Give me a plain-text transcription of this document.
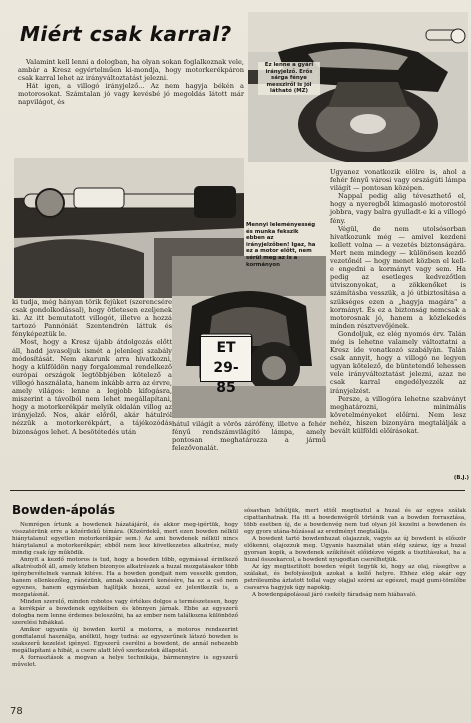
Miért csak karral?
Ez lenne a gyári irányjelző. Erős sárga fénye messziről is jól látható (MZ)

Valamint kell lenni a dologban, ha olyan sokan foglalkoznak vele, ambár a Kresz egyértelműen ki-mondja, hogy motorkerékpáron csak karral lehet az irányváltoztatást jelezni.

Hát igen, a villogó irányjelző... Az nem hagyja békén a motorosokat. Számtalan jó vagy kevésbé jó megoldás látott már napvilágot, és

ki tudja, még hányan törik fejüket (szerencsére csak gondolkodással), hogy ötletesen ezeljenek ki. Az itt bemutatott villogót, illetve a hozzá tartozó Pannóniát Szentendrén láttuk és fényképeztük le.

Most, hogy a Kresz újabb átdolgozás előtt áll, hadd javasoljuk ismét a jelenlegi szabály módosítását. Nem akarunk arra hivatkozni, hogy a külföldön nagy forgalommal rendelkező európai országok legtöbbjében kötelező a villogó használata, hanem inkább arra az érvre, amely világos: lenne a legjobb kifogásra, miszerint a távolból nem lehet megállapítani, hogy a motorkerékpár melyik oldalán villog az irányjelző. Nos, akár előről, akár hátulról nézzük a motorkerékpárt, a tájékozódás bizonságos lehet. A besötétedés után

ET 29-85
Mennyi leleményesség és munka fekszik ebben az irányjelzőben! Igaz, ha ez a motor előtt, nem sérül meg az is a kormányon

hátul világít a vörös zárófény, illetve a fehér fényű rendszámvilágító lámpa, amely pontosan meghatározza a jármű felezővonalát.

Ugyanez vonatkozik elölre is, ahol a fehér fényű városi vagy országúti lámpa világít — pontosan középen.

Nappal pedig alig téveszthető el, hogy a nyeregből kimagasló motorostól jobbra, vagy balra gyulladt-e ki a villogó fény.

Végül, de nem utolsósorban hivatkozunk még — amivel kezdeni kellett volna — a vezetés biztonságára. Mert nem mindegy — különösen kezdő vezetőnél — hogy menet közben el kell-e engedni a kormányt vagy sem. Ha pedig az esetleges kedvezőtlen útviszonyokat, a zökkenőket is számításba vesszük, a jó útbiztosítása a szükséges ezen a „hagyja magára" a kormányt. És ez a biztonság nemcsak a motorosnak jó, hanem a közlekedés minden résztvevőjének.

Gondoljuk, ez elég nyomós érv. Talán még is lehetne valamely változtatni a Kresz ide vonatkozó szabályán. Talán csak annyit, hogy a villogó ne legyen ugyan kötelező, de büntetendő lehessen vele irányváltoztatást jelezni, azaz ne csak karral engedélyezzék az irányjelzést.

Persze, a villogóra lehetne szabványt meghatározni, minimális követelményeket előírni. Nem lesz nehéz, hiszen bizonyára megtalálják a bevált külföldi előírásokat.

(B.J.)
Bowden-ápolás

Nemrégen írtunk a bowdenek házatájáról, és akkor meg-igértük, hogy visszatérünk erre a közérdekű témára. (Közérdekű, mert ezen bowden nélkül hiánytalanul egyetlen motorkerékpár sem.) Az ami bowdenek nélkül nincs hiánytalanul a motorkerékpár; ebből nem lesz következetes alkatrész, mely mindig csak így működik.

Annyit a kezdő motoros is tud, hogy a bowden több, egymással érintkező alkatrészből áll, amely közben bizonyos alkatrészek a huzal mozgatásakor több igénybevételnek vannak kitéve. Ha a bowden gondjait nem vesszük gondon, hanem ellenkezőleg, ránézünk, annak szakszerű kenésére, ha ez a cső nem egyenes, hanem egymásban hajlítják hozzá, azzal ez jelentkezik is, a mozgatásnál.

Minden szerelő, minden robotos vagy értékes dolgos a természetesen, hogy a kerékpár a bowdenek egyikében és könnyen járnak. Ebbe az egyszerű dologba nem lenne érdemes beleszólni, ha az ember nem találkozna különböző szerelési hibákkal.

Amikor ugyanis új bowden kerül a motorra, a motoros rendszerint gondtalanul használja, anélkül, hogy tudná: az egyszerűnek látszó bowden is szakszerű kezelést igényel. Egyszerű cserélni a bowdent, de annál nehezebb megállapítani a hibát, a csere alatt lévő szerkezetek állapotát.

A forrasztások a megvan a helye technikája, bármennyire is egyszerű művelet.

sósavban lehűtjük, mert ettől megtisztul a huzal és az egyes szálak cipattanhatnak. Ha itt a bowdenvégről történik van a bowden forrasztása, több esetben új, de a bowdenvég nem tud olyan jól kezelni a bowdenen és egy gyors utána-húzással az eredményt megtalálja.

A bowdent tartó bowdenhuzat olajazzuk, vagyis az új bowdent is először előkenni, olajozzuk meg. Ugyanis használat után elég száraz, így a huzal gyorsan kopik, a bowdenek szűkítését előidézve végzik a tisztításukat, ha a huzal összekarcol, a bowdent nyugodtan cserélhetjük.

Az így megtisztított bowden végét tegyük ki, hogy az olaj, rásegítve a szálakat, és befolyásoljuk azokat a kellő helyre. Ehhez elég akár egy petróleumba áztatott tollal vagy olajjal szórni az egészet, majd gumi-tömlőbe csavarva hagyjuk úgy napokig.

A bowdenpápolással járó csekély fáradság nem hiábavaló.

78
